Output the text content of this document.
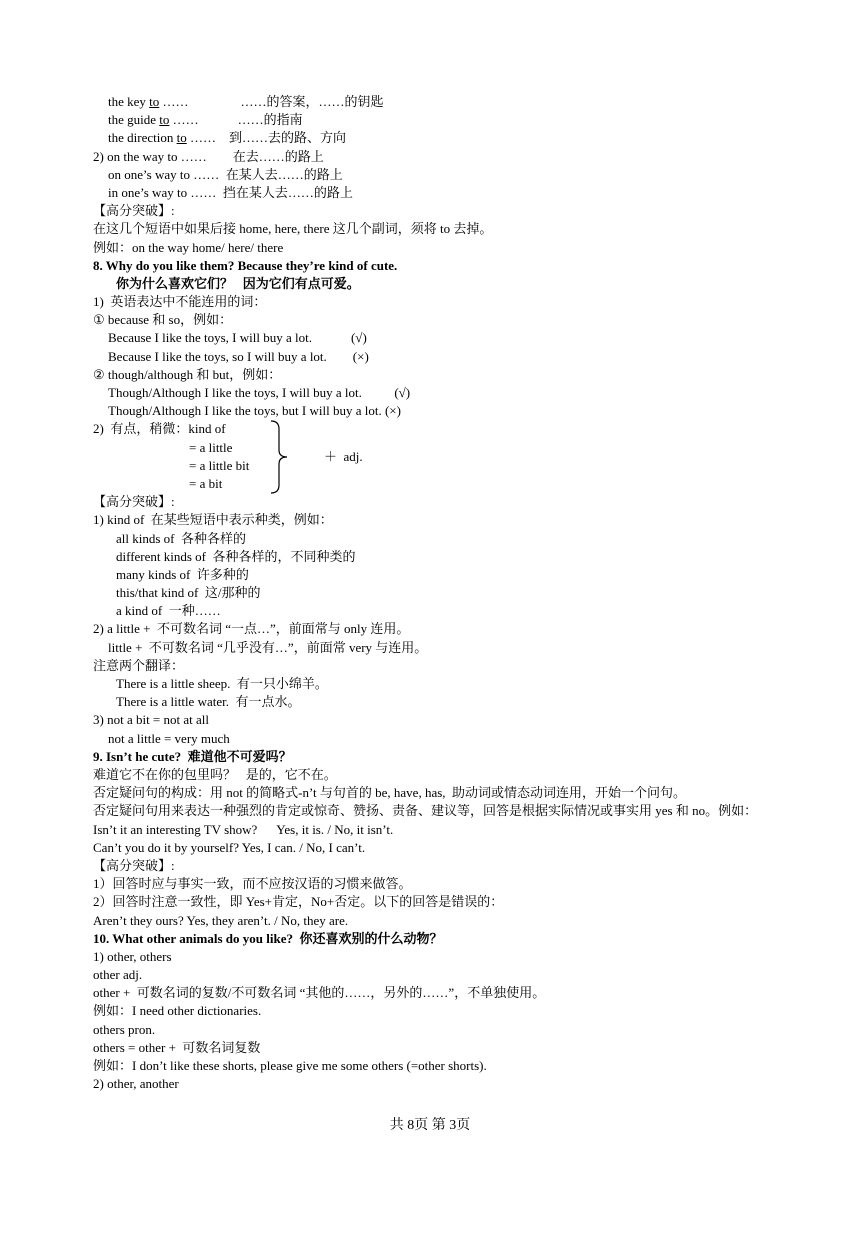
the key to ……                ……的答案，……的钥匙
the guide to ……            ……的指南
the direction to ……    到……去的路、方向
2) on the way to ……        在去……的路上
on one’s way to ……  在某人去……的路上
in one’s way to ……  挡在某人去……的路上
【高分突破】:
在这几个短语中如果后接 home, here, there 这几个副词，须将 to 去掉。
例如：on the way home/ here/ there
8. Why do you like them? Because they’re kind of cute.
你为什么喜欢它们？   因为它们有点可爱。
1)  英语表达中不能连用的词：
① because 和 so，例如：
Because I like the toys, I will buy a lot.            (√)
Because I like the toys, so I will buy a lot.        (×)
② though/although 和 but，例如：
Though/Although I like the toys, I will buy a lot.          (√)
Though/Although I like the toys, but I will buy a lot. (×)
2)  有点，稍微：kind of
= a little
= a little bit
= a bit
＋  adj.
【高分突破】:
1) kind of  在某些短语中表示种类，例如：
all kinds of  各种各样的
different kinds of  各种各样的，不同种类的
many kinds of  许多种的
this/that kind of  这/那种的
a kind of  一种……
2) a little +  不可数名词 “一点…”，前面常与 only 连用。
little +  不可数名词 “几乎没有…”，前面常 very 与连用。
注意两个翻译：
There is a little sheep.  有一只小绵羊。
There is a little water.  有一点水。
3) not a bit = not at all
not a little = very much
9. Isn’t he cute?  难道他不可爱吗？
难道它不在你的包里吗？   是的，它不在。
否定疑问句的构成：用 not 的简略式-n’t 与句首的 be, have, has,  助动词或情态动词连用，开始一个问句。
否定疑问句用来表达一种强烈的肯定或惊奇、赞扬、责备、建议等，回答是根据实际情况或事实用 yes 和 no。例如：
Isn’t it an interesting TV show?      Yes, it is. / No, it isn’t.
Can’t you do it by yourself? Yes, I can. / No, I can’t.
【高分突破】:
1）回答时应与事实一致，而不应按汉语的习惯来做答。
2）回答时注意一致性，即 Yes+肯定，No+否定。以下的回答是错误的：
Aren’t they ours? Yes, they aren’t. / No, they are.
10. What other animals do you like?  你还喜欢别的什么动物？
1) other, others
other adj.
other +  可数名词的复数/不可数名词 “其他的……，另外的……”，不单独使用。
例如：I need other dictionaries.
others pron.
others = other +  可数名词复数
例如：I don’t like these shorts, please give me some others (=other shorts).
2) other, another
共 8页 第 3页
